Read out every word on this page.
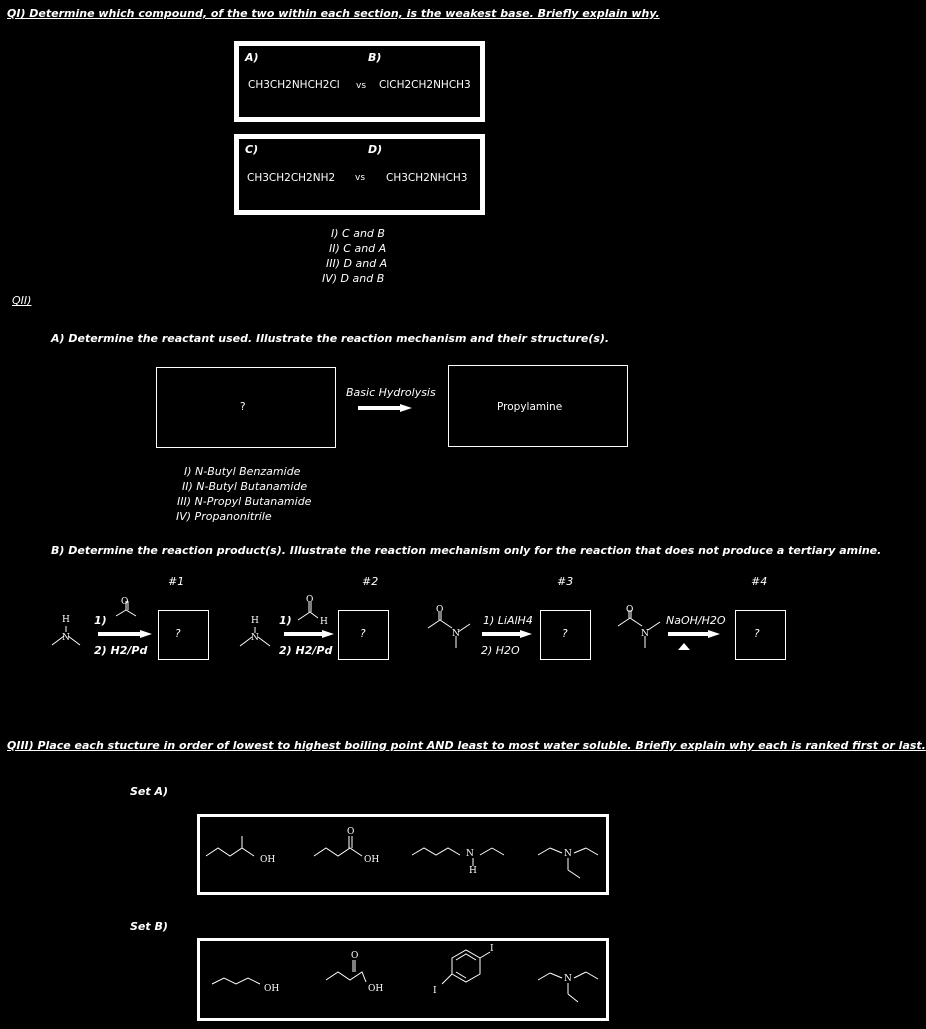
QI) Determine which compound, of the two within each section, is the weakest base. Briefly explain why.
A)	B)
CH3CH2NHCH2Cl vs ClCH2CH2NHCH3
C)	D)
CH3CH2CH2NH2 vs CH3CH2NHCH3
I) C and B
II) C and A
III) D and A
IV) D and B
QII)
A) Determine the reactant used. Illustrate the reaction mechanism and their structure(s).
?
Basic Hydrolysis
Propylamine
I) N-Butyl Benzamide
II) N-Butyl Butanamide
III) N-Propyl Butanamide
IV) Propanonitrile
B) Determine the reaction product(s). Illustrate the reaction mechanism only for the reaction that does not produce a tertiary amine.
#1	#2	#3	#4
1)
2) H2/Pd
?
1)
2) H2/Pd
?
1) LiAlH4
2) H2O
?
NaOH/H2O
?
QIII) Place each stucture in order of lowest to highest boiling point AND least to most water soluble. Briefly explain why each is ranked first or last.
Set A)
Set B)
H
N
O
H
N
O
H
O
N
O
N
OH	OH
O
N
H
N
OH	OH
O
I
I
N
